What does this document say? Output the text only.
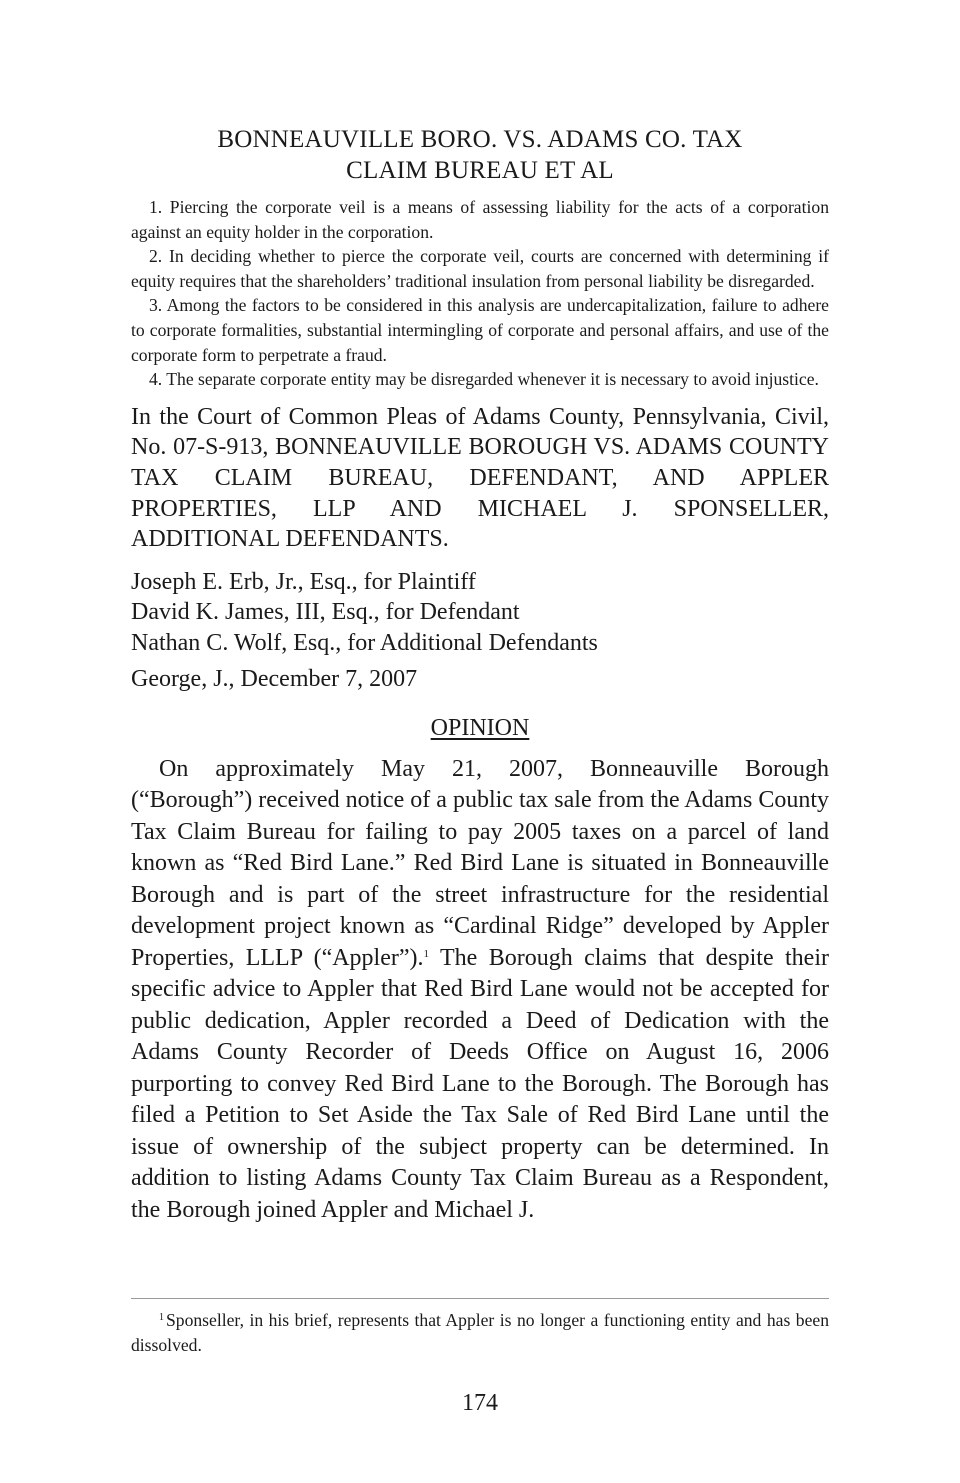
BONNEAUVILLE BORO. VS. ADAMS CO. TAX
CLAIM BUREAU ET AL

1. Piercing the corporate veil is a means of assessing liability for the acts of a corporation against an equity holder in the corporation.

2. In deciding whether to pierce the corporate veil, courts are concerned with determining if equity requires that the shareholders’ traditional insulation from personal liability be disregarded.

3. Among the factors to be considered in this analysis are undercapitalization, failure to adhere to corporate formalities, substantial intermingling of corporate and personal affairs, and use of the corporate form to perpetrate a fraud.

4. The separate corporate entity may be disregarded whenever it is necessary to avoid injustice.

In the Court of Common Pleas of Adams County, Pennsylvania, Civil, No. 07-S-913, BONNEAUVILLE BOROUGH VS. ADAMS COUNTY TAX CLAIM BUREAU, DEFENDANT, AND APPLER PROPERTIES, LLP AND MICHAEL J. SPONSELLER, ADDITIONAL DEFENDANTS.
Joseph E. Erb, Jr., Esq., for Plaintiff
David K. James, III, Esq., for Defendant
Nathan C. Wolf, Esq., for Additional Defendants
George, J., December 7, 2007
OPINION

On approximately May 21, 2007, Bonneauville Borough (“Borough”) received notice of a public tax sale from the Adams County Tax Claim Bureau for failing to pay 2005 taxes on a parcel of land known as “Red Bird Lane.” Red Bird Lane is situated in Bonneauville Borough and is part of the street infrastructure for the residential development project known as “Cardinal Ridge” developed by Appler Properties, LLLP (“Appler”).$^1$ The Borough claims that despite their specific advice to Appler that Red Bird Lane would not be accepted for public dedication, Appler recorded a Deed of Dedication with the Adams County Recorder of Deeds Office on August 16, 2006 purporting to convey Red Bird Lane to the Borough. The Borough has filed a Petition to Set Aside the Tax Sale of Red Bird Lane until the issue of ownership of the subject property can be determined. In addition to listing Adams County Tax Claim Bureau as a Respondent, the Borough joined Appler and Michael J.

$^1$ Sponseller, in his brief, represents that Appler is no longer a functioning entity and has been dissolved.
174
